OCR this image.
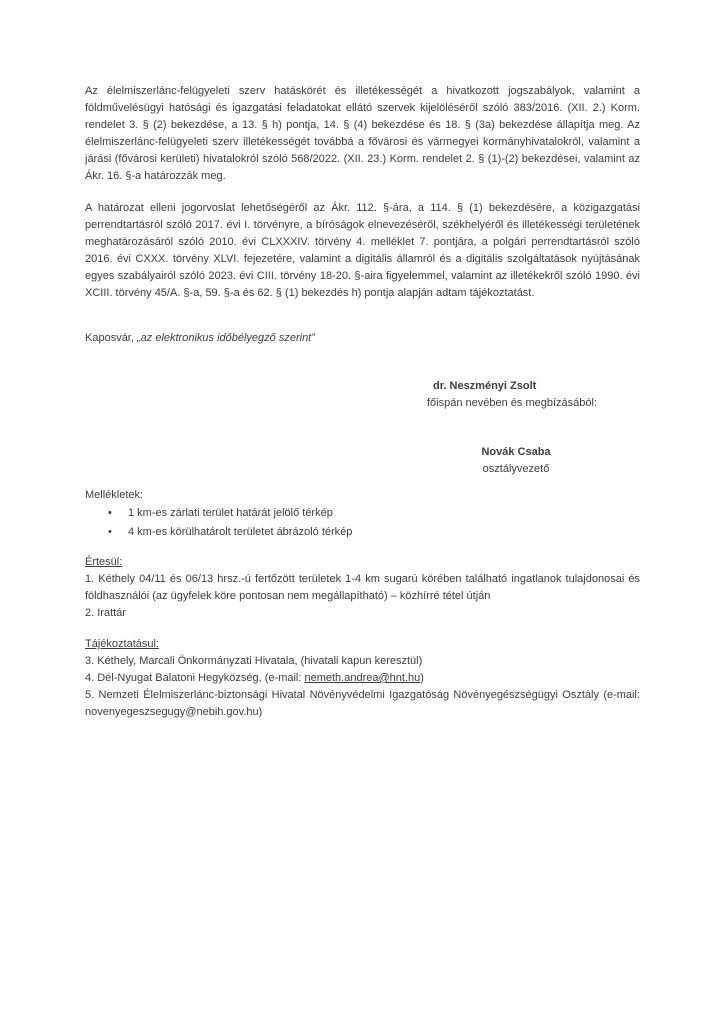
Az élelmiszerlánc-felügyeleti szerv hatáskörét és illetékességét a hivatkozott jogszabályok, valamint a földművelésügyi hatósági és igazgatási feladatokat ellátó szervek kijelöléséről szóló 383/2016. (XII. 2.) Korm. rendelet 3. § (2) bekezdése, a 13. § h) pontja, 14. § (4) bekezdése és 18. § (3a) bekezdése állapítja meg. Az élelmiszerlánc-felügyeleti szerv illetékességét továbbá a fővárosi és vármegyei kormányhivatalokról, valamint a járási (fővárosi kerületi) hivatalokról szóló 568/2022. (XII. 23.) Korm. rendelet 2. § (1)-(2) bekezdései, valamint az Ákr. 16. §-a határozzák meg.

A határozat elleni jogorvoslat lehetőségéről az Ákr. 112. §-ára, a 114. § (1) bekezdésére, a közigazgatási perrendtartásról szóló 2017. évi I. törvényre, a bíróságok elnevezéséről, székhelyéről és illetékességi területének meghatározásáról szóló 2010. évi CLXXXIV. törvény 4. melléklet 7. pontjára, a polgári perrendtartásról szóló 2016. évi CXXX. törvény XLVI. fejezetére, valamint a digitális államról és a digitális szolgáltatások nyújtásának egyes szabályairól szóló 2023. évi CIII. törvény 18-20. §-aira figyelemmel, valamint az illetékekről szóló 1990. évi XCIII. törvény 45/A. §-a, 59. §-a és 62. § (1) bekezdés h) pontja alapján adtam tájékoztatást.

Kaposvár, „az elektronikus időbélyegző szerint”

dr. Neszményi Zsolt
főispán nevében és megbízásából:
Novák Csaba
osztályvezető
Mellékletek:
•	1 km-es zárlati terület határát jelölő térkép
•	4 km-es körülhatárolt területet ábrázoló térkép
Értesül:
1. Kéthely 04/11 és 06/13 hrsz.-ú fertőzött területek 1-4 km sugarú körében található ingatlanok tulajdonosai és földhasználói (az ügyfelek köre pontosan nem megállapítható) – közhírré tétel útján
2. Irattár
Tájékoztatásul:
3. Kéthely, Marcali Önkormányzati Hivatala, (hivatali kapun keresztül)
4. Dél-Nyugat Balatoni Hegyközség, (e-mail: nemeth.andrea@hnt.hu)
5. Nemzeti Élelmiszerlánc-biztonsági Hivatal Növényvédelmi Igazgatóság Növényegészségügyi Osztály (e-mail: novenyegeszsegugy@nebih.gov.hu)
